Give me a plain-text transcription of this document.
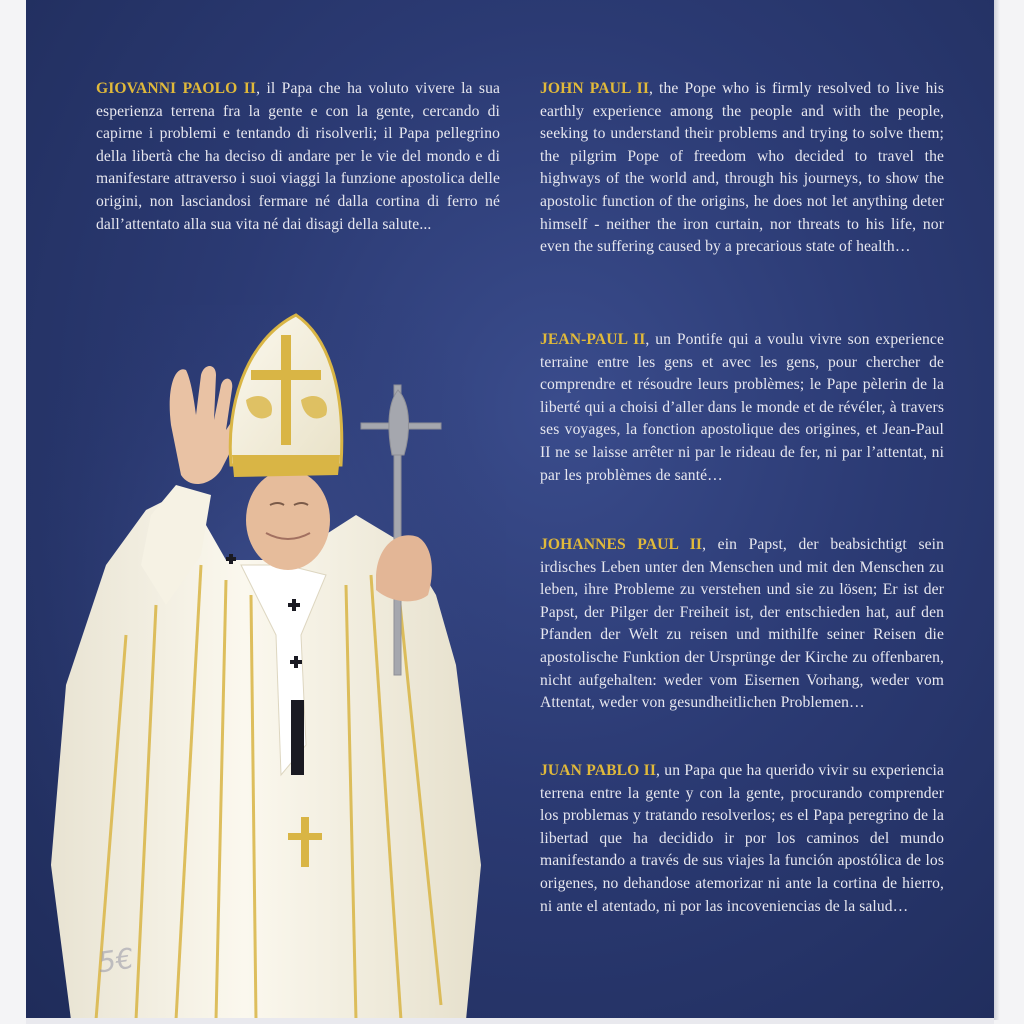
GIOVANNI PAOLO II, il Papa che ha voluto vivere la sua esperienza terrena fra la gente e con la gente, cercando di capirne i problemi e tentando di risolverli; il Papa pellegrino della libertà che ha deciso di andare per le vie del mondo e di manifestare attraverso i suoi viaggi la funzione apostolica delle origini, non lasciandosi fermare né dalla cortina di ferro né dall’attentato alla sua vita né dai disagi della salute...

JOHN PAUL II, the Pope who is firmly resolved to live his earthly experience among the people and with the people, seeking to understand their problems and trying to solve them; the pilgrim Pope of freedom who decided to travel the highways of the world and, through his journeys, to show the apostolic function of the origins, he does not let anything deter himself - neither the iron curtain, nor threats to his life, nor even the suffering caused by a precarious state of health…

JEAN-PAUL II, un Pontife qui a voulu vivre son experience terraine entre les gens et avec les gens, pour chercher de comprendre et résoudre leurs problèmes; le Pape pèlerin de la liberté qui a choisi d’aller dans le monde et de révéler, à travers ses voyages, la fonction apostolique des origines, et Jean-Paul II ne se laisse arrêter ni par le rideau de fer, ni par l’attentat, ni par les problèmes de santé…

JOHANNES PAUL II, ein Papst, der beabsichtigt sein irdisches Leben unter den Menschen und mit den Menschen zu leben, ihre Probleme zu verstehen und sie zu lösen; Er ist der Papst, der Pilger der Freiheit ist, der entschieden hat, auf den Pfanden der Welt zu reisen und mithilfe seiner Reisen die apostolische Funktion der Ursprünge der Kirche zu offenbaren, nicht aufgehalten: weder vom Eisernen Vorhang, weder vom Attentat, weder von gesundheitlichen Problemen…

JUAN PABLO II, un Papa que ha querido vivir su experiencia terrena entre la gente y con la gente, procurando comprender los problemas y tratando resolverlos; es el Papa peregrino de la libertad que ha decidido ir por los caminos del mundo manifestando a través de sus viajes la función apostólica de los origenes, no dehandose atemorizar ni ante la cortina de hierro, ni ante el atentado, ni por las incoveniencias de la salud…

5€
